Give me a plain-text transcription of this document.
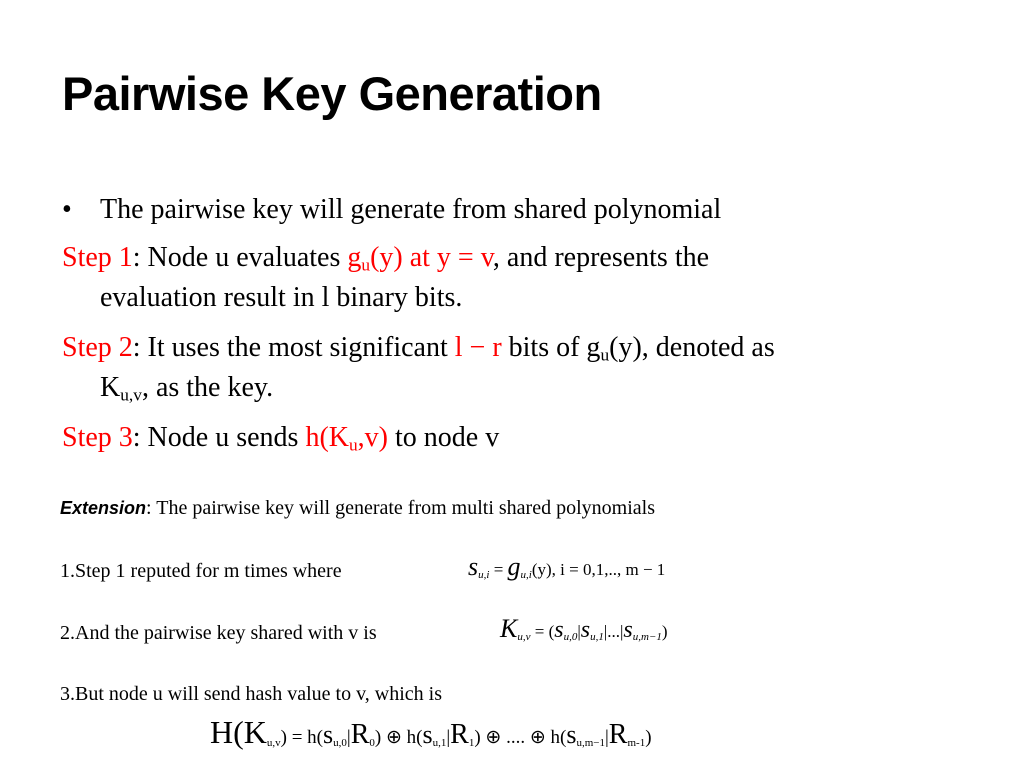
Pairwise Key Generation
• The pairwise key will generate from shared polynomial
Step 1: Node u evaluates $g_u(y)$ at y = v, and represents the
evaluation result in l binary bits.
Step 2: It uses the most significant l − r bits of $g_u(y)$, denoted as
$K_{u,v}$, as the key.
Step 3: Node u sends $h(K_u,v)$ to node v
Extension: The pairwise key will generate from multi shared polynomials
1.Step 1 reputed for m times where
2.And the pairwise key shared with v is
3.But node u will send hash value to v, which is
$s_{u,i} = g_{u,i}(y)$, i = 0,1,.., m − 1
$K_{u,v} = (s_{u,0}|s_{u,1}|...|s_{u,m-1})$
$H(K_{u,v}) = h(s_{u,0}|R_0)$ ⊕ $h(s_{u,1}|R_1)$ ⊕ .... ⊕ $h(s_{u,m-1}|R_{m-1})$
